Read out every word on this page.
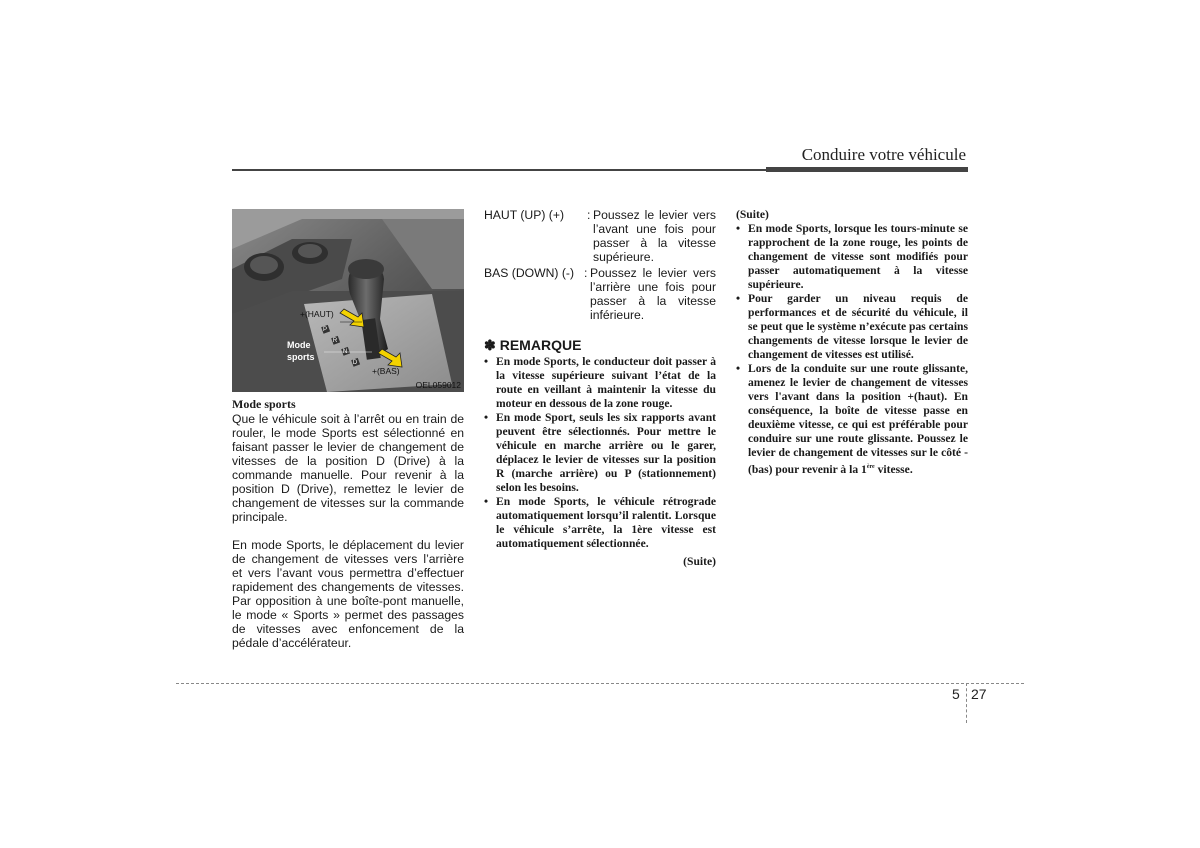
Conduire votre véhicule
P
R
N
D
+(HAUT)
+(BAS)
Mode
sports
OEL059012
Mode sports

Que le véhicule soit à l’arrêt ou en train de rouler, le mode Sports est sélectionné en faisant passer le levier de changement de vitesses de la position D (Drive) à la commande manuelle. Pour revenir à la position D (Drive), remettez le levier de changement de vitesses sur la commande principale.

En mode Sports, le déplacement du levier de changement de vitesses vers l’arrière et vers l’avant vous permettra d’effectuer rapidement des changements de vitesses. Par opposition à une boîte-pont manuelle, le mode « Sports » permet des passages de vitesses avec enfoncement de la pédale d’accélérateur.

HAUT (UP) (+)	: Poussez le levier vers l’avant une fois pour passer à la vitesse supérieure.
BAS (DOWN) (-) : Poussez le levier vers l’arrière une fois pour passer à la vitesse inférieure.
✽ REMARQUE
• En mode Sports, le conducteur doit passer à la vitesse supérieure suivant l’état de la route en veillant à maintenir la vitesse du moteur en dessous de la zone rouge.
• En mode Sport, seuls les six rapports avant peuvent être sélectionnés. Pour mettre le véhicule en marche arrière ou le garer, déplacez le levier de vitesses sur la position R (marche arrière) ou P (stationnement) selon les besoins.
• En mode Sports, le véhicule rétrograde automatiquement lorsqu’il ralentit. Lorsque le véhicule s’arrête, la 1ère vitesse est automatiquement sélectionnée.
(Suite)
(Suite)
• En mode Sports, lorsque les tours-minute se rapprochent de la zone rouge, les points de changement de vitesse sont modifiés pour passer automatiquement à la vitesse supérieure.
• Pour garder un niveau requis de performances et de sécurité du véhicule, il se peut que le système n’exécute pas certains changements de vitesse lorsque le levier de changement de vitesses est utilisé.
• Lors de la conduite sur une route glissante, amenez le levier de changement de vitesses vers l'avant dans la position +(haut). En conséquence, la boîte de vitesse passe en deuxième vitesse, ce qui est préférable pour conduire sur une route glissante. Poussez le levier de changement de vitesses sur le côté - (bas) pour revenir à la 1ère vitesse.
5 27
